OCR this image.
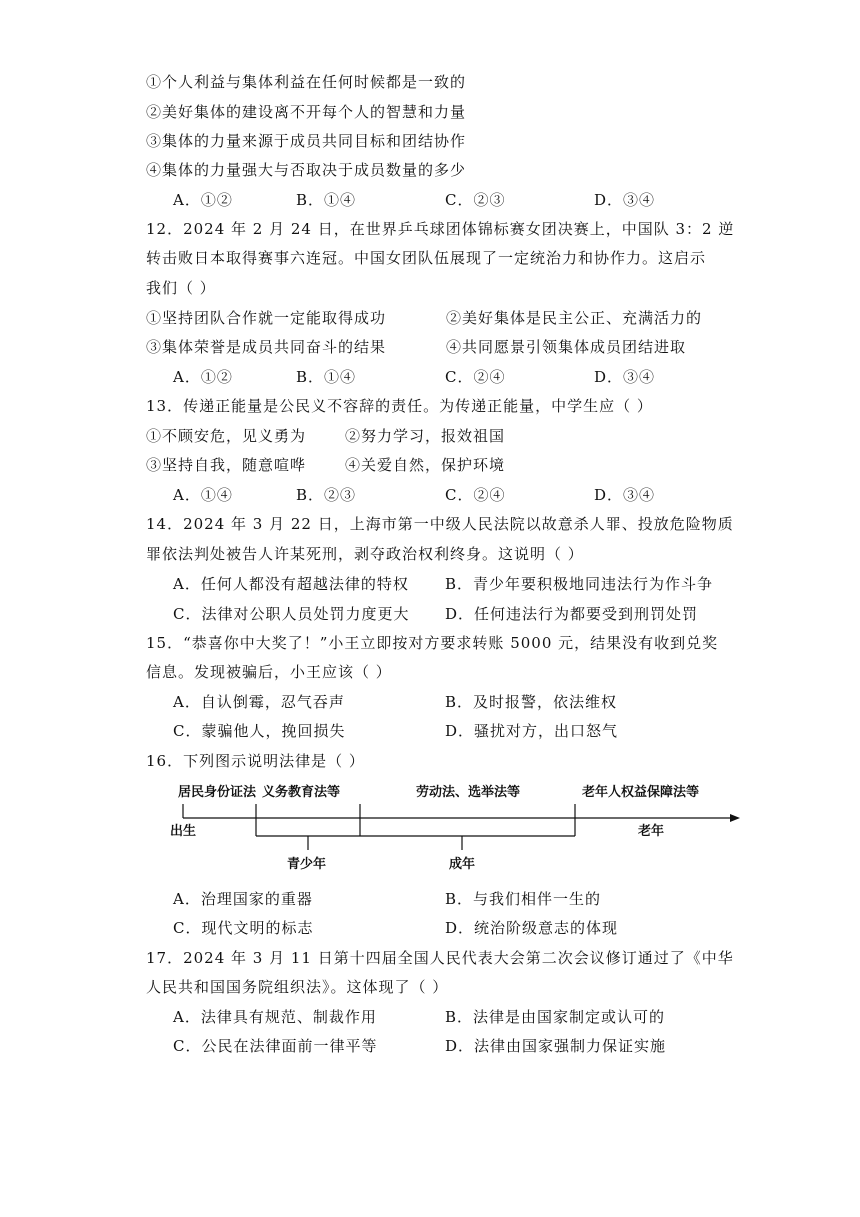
①个人利益与集体利益在任何时候都是一致的
②美好集体的建设离不开每个人的智慧和力量
③集体的力量来源于成员共同目标和团结协作
④集体的力量强大与否取决于成员数量的多少
A．①②	B．①④	C．②③	D．③④
12．2024 年 2 月 24 日，在世界乒乓球团体锦标赛女团决赛上，中国队 3：2 逆
转击败日本取得赛事六连冠。中国女团队伍展现了一定统治力和协作力。这启示
我们（ ）
①坚持团队合作就一定能取得成功	②美好集体是民主公正、充满活力的
③集体荣誉是成员共同奋斗的结果	④共同愿景引领集体成员团结进取
A．①②	B．①④	C．②④	D．③④
13．传递正能量是公民义不容辞的责任。为传递正能量，中学生应（ ）
①不顾安危，见义勇为	②努力学习，报效祖国
③坚持自我，随意喧哗	④关爱自然，保护环境
A．①④	B．②③	C．②④	D．③④
14．2024 年 3 月 22 日，上海市第一中级人民法院以故意杀人罪、投放危险物质
罪依法判处被告人许某死刑，剥夺政治权利终身。这说明（ ）
A．任何人都没有超越法律的特权 B．青少年要积极地同违法行为作斗争
C．法律对公职人员处罚力度更大 D．任何违法行为都要受到刑罚处罚
15．“恭喜你中大奖了！”小王立即按对方要求转账 5000 元，结果没有收到兑奖
信息。发现被骗后，小王应该（ ）
A．自认倒霉，忍气吞声	B．及时报警，依法维权
C．蒙骗他人，挽回损失	D．骚扰对方，出口怒气
16．下列图示说明法律是（ ）
居民身份证法 义务教育法等	劳动法、选举法等	老年人权益保障法等
出生	老年
青少年	成年
A．治理国家的重器	B．与我们相伴一生的
C．现代文明的标志	D．统治阶级意志的体现
17．2024 年 3 月 11 日第十四届全国人民代表大会第二次会议修订通过了《中华
人民共和国国务院组织法》。这体现了（ ）
A．法律具有规范、制裁作用	B．法律是由国家制定或认可的
C．公民在法律面前一律平等	D．法律由国家强制力保证实施
